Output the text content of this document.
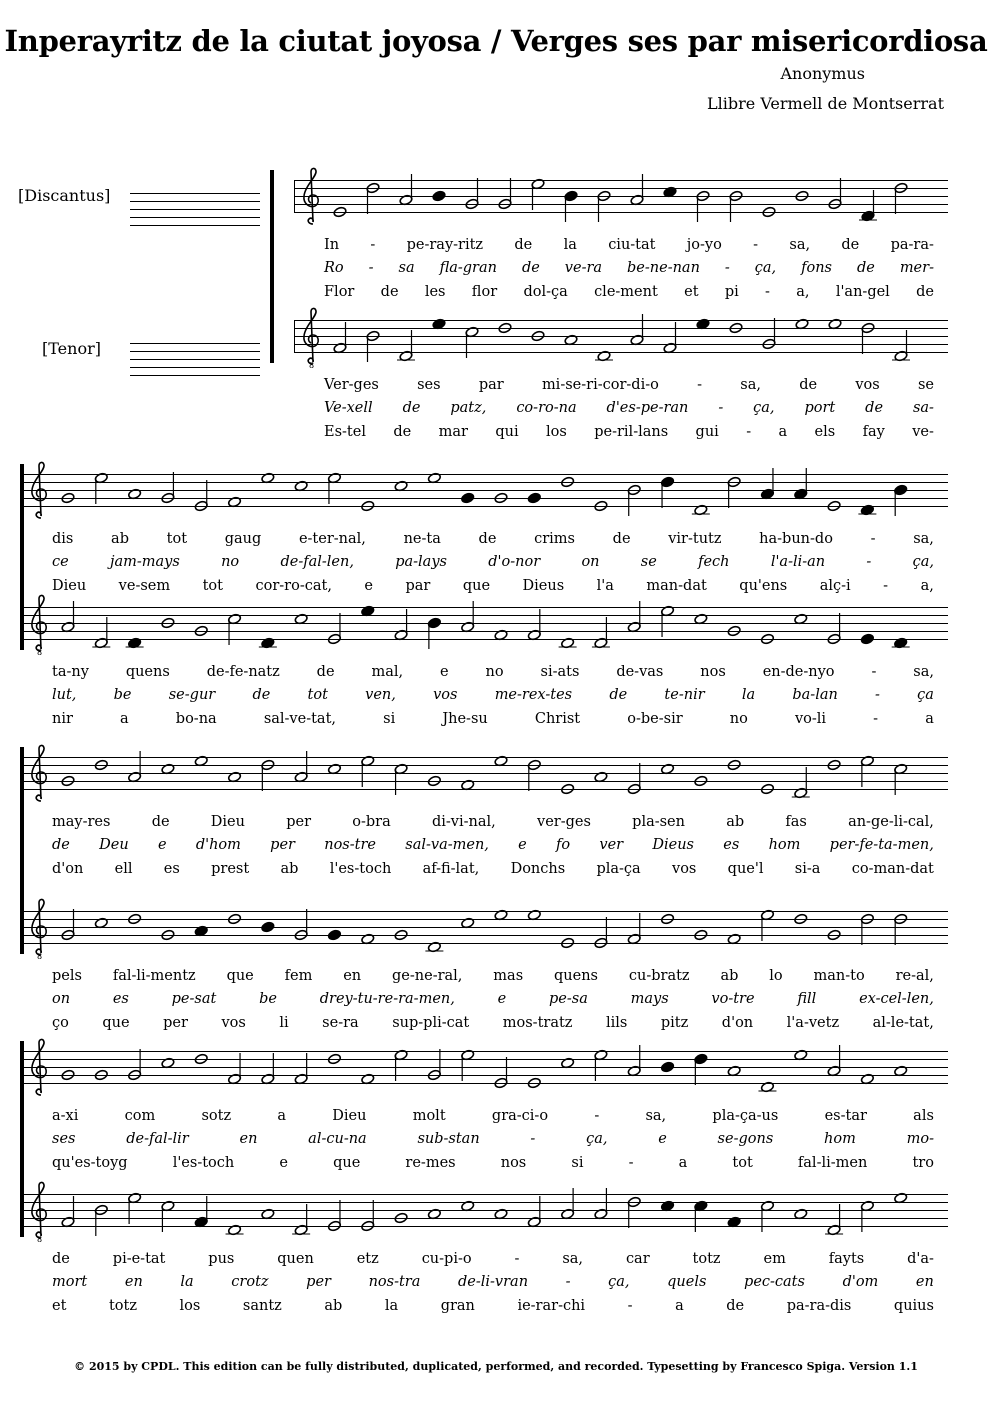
Inperayritz de la ciutat joyosa / Verges ses par misericordiosa
Anonymus
Llibre Vermell de Montserrat
[Discantus]
[Tenor]
8
In - pe-ray-ritz de la ciu-tat jo-yo - sa, de pa-ra-
Ro - sa fla-gran de ve-ra be-ne-nan - ça, fons de mer-
Flor de les flor dol-ça cle-ment et pi - a, l'an-gel de
Ver-ges	ses	par	mi-se-ri-cor-di-o	-	sa,	de	vos	se
Ve-xell de patz, co-ro-na d'es-pe-ran - ça, port de sa-
Es-tel de mar qui los pe-ril-lans gui - a els fay ve-
8
dis	ab	tot	gaug	e-ter-nal,	ne-ta	de	crims	de	vir-tutz	ha-bun-do	-	sa,
ce	jam-mays	no	de-fal-len,	pa-lays	d'o-nor	on	se	fech	l'a-li-an	-	ça,
Dieu ve-sem tot cor-ro-cat, e par que Dieus l'a man-dat qu'ens alç-i - a,
ta-ny	quens	de-fe-natz	de	mal,	e	no	si-ats	de-vas	nos	en-de-nyo	-	sa,
lut,	be	se-gur	de	tot	ven,	vos	me-rex-tes	de	te-nir	la	ba-lan	-	ça
nir	a	bo-na	sal-ve-tat,	si	Jhe-su	Christ	o-be-sir	no	vo-li	-	a
8
may-res	de	Dieu	per	o-bra	di-vi-nal,	ver-ges	pla-sen	ab	fas	an-ge-li-cal,
de Deu e d'hom per nos-tre sal-va-men, e fo ver Dieus es hom per-fe-ta-men,
d'on ell es prest ab l'es-toch af-fi-lat, Donchs pla-ça vos que'l si-a co-man-dat
pels fal-li-mentz que fem en ge-ne-ral, mas quens cu-bratz ab lo man-to re-al,
on	es	pe-sat	be	drey-tu-re-ra-men,	e	pe-sa	mays	vo-tre	fill	ex-cel-len,
ço que per vos li se-ra sup-pli-cat mos-tratz lils pitz d'on l'a-vetz al-le-tat,
8
a-xi	com	sotz	a	Dieu	molt	gra-ci-o	-	sa,	pla-ça-us	es-tar	als
ses	de-fal-lir	en	al-cu-na	sub-stan	-	ça,	e	se-gons	hom	mo-
qu'es-toyg	l'es-toch	e	que	re-mes	nos	si	-	a	tot	fal-li-men	tro
de	pi-e-tat	pus	quen	etz	cu-pi-o	-	sa,	car	totz	em	fayts	d'a-
mort	en	la	crotz	per	nos-tra	de-li-vran	-	ça,	quels	pec-cats	d'om	en
et	totz	los	santz	ab	la	gran	ie-rar-chi	-	a	de	pa-ra-dis	quius
© 2015 by CPDL. This edition can be fully distributed, duplicated, performed, and recorded. Typesetting by Francesco Spiga. Version 1.1
